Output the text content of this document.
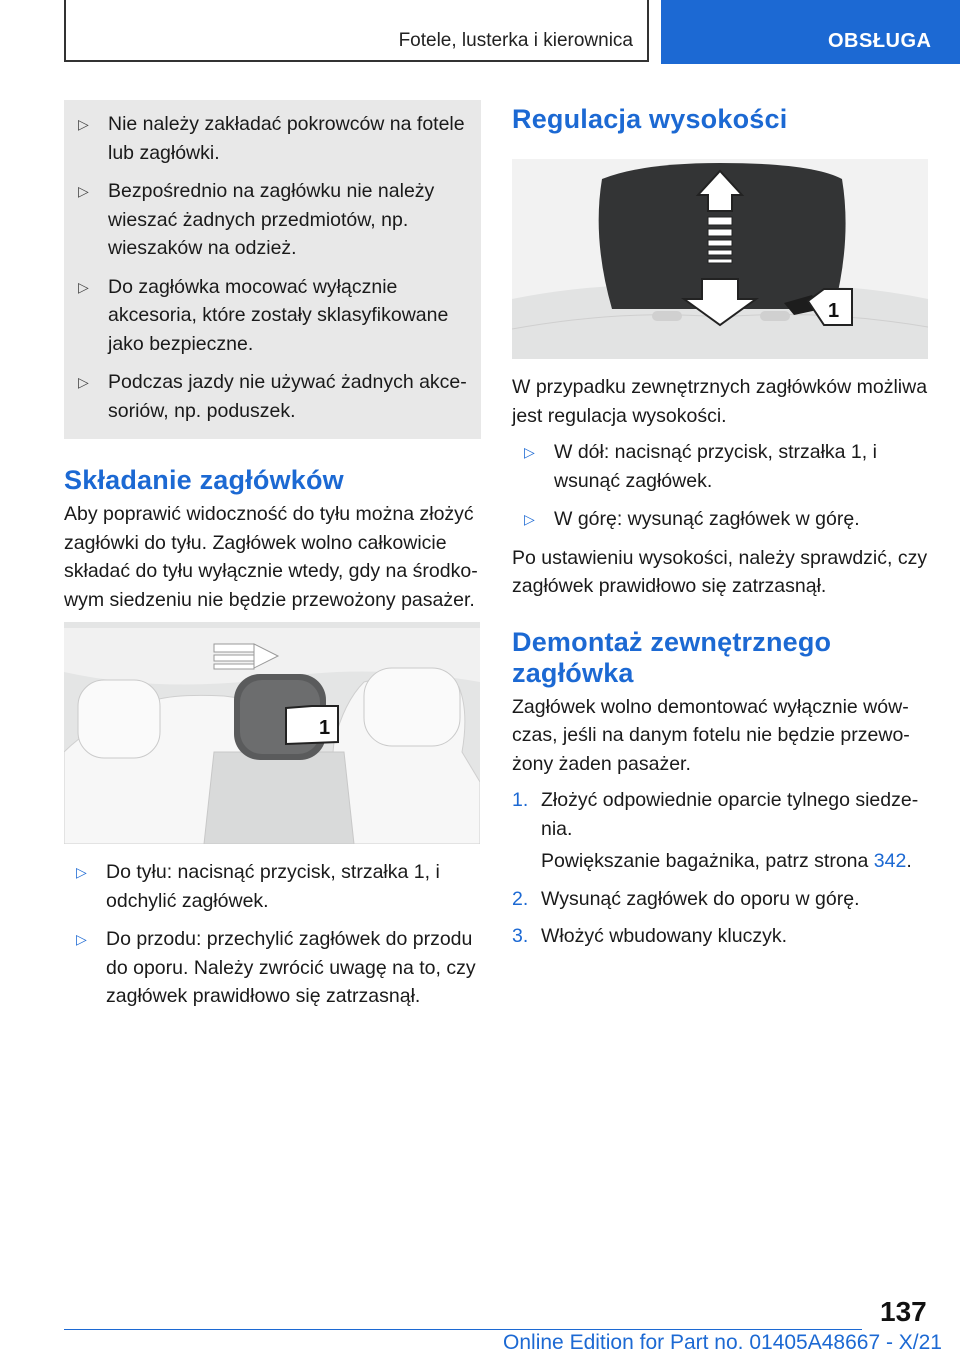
Fotele, lusterka i kierownica	OBSŁUGA
▷ Nie należy zakładać pokrowców na fotele lub zagłówki.
▷ Bezpośrednio na zagłówku nie należy wieszać żadnych przedmiotów, np. wieszaków na odzież.
▷ Do zagłówka mocować wyłącznie akcesoria, które zostały sklasyfikowane jako bezpieczne.
▷ Podczas jazdy nie używać żadnych akcesoriów, np. poduszek.
Składanie zagłówków

Aby poprawić widoczność do tyłu można złożyć zagłówki do tyłu. Zagłówek wolno całkowicie składać do tyłu wyłącznie wtedy, gdy na środkowym siedzeniu nie będzie przewożony pasażer.

1
▷ Do tyłu: nacisnąć przycisk, strzałka 1, i odchylić zagłówek.
▷ Do przodu: przechylić zagłówek do przodu do oporu. Należy zwrócić uwagę na to, czy zagłówek prawidłowo się zatrzasnął.
Regulacja wysokości
1

W przypadku zewnętrznych zagłówków możliwa jest regulacja wysokości.

▷ W dół: nacisnąć przycisk, strzałka 1, i wsunąć zagłówek.
▷ W górę: wysunąć zagłówek w górę.

Po ustawieniu wysokości, należy sprawdzić, czy zagłówek prawidłowo się zatrzasnął.

Demontaż zewnętrznego zagłówka

Zagłówek wolno demontować wyłącznie wówczas, jeśli na danym fotelu nie będzie przewożony żaden pasażer.

1. Złożyć odpowiednie oparcie tylnego siedzenia.
Powiększanie bagażnika, patrz strona 342.
2. Wysunąć zagłówek do oporu w górę.
3. Włożyć wbudowany kluczyk.
137
Online Edition for Part no. 01405A48667 - X/21
